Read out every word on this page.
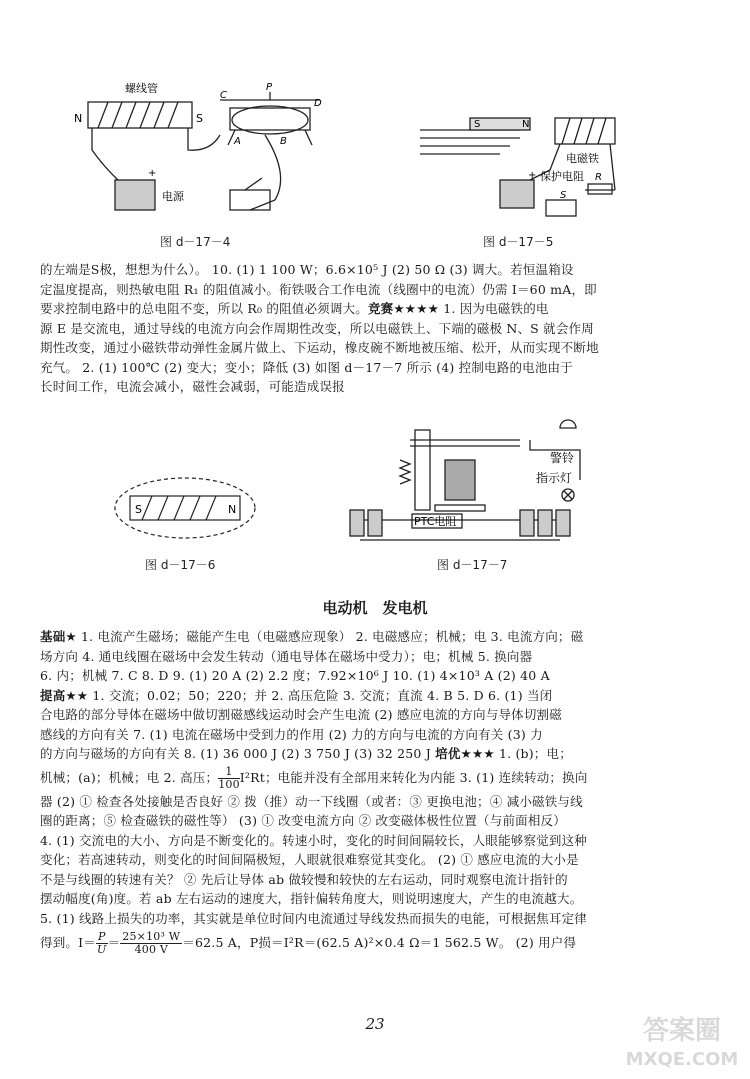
螺线管
N	S
C
P
D
A	B
电源
+
图 d－17－4
S	N
电磁铁
保护电阻
S
R
+
图 d－17－5
的左端是S极，想想为什么）。 10. (1) 1 100 W；6.6×10⁵ J (2) 50 Ω (3) 调大。若恒温箱设
定温度提高，则热敏电阻 R₁ 的阻值减小。衔铁吸合工作电流（线圈中的电流）仍需 I＝60 mA，即
要求控制电路中的总电阻不变，所以 R₀ 的阻值必须调大。竞赛★★★★ 1. 因为电磁铁的电
源 E 是交流电，通过导线的电流方向会作周期性改变，所以电磁铁上、下端的磁极 N、S 就会作周
期性改变，通过小磁铁带动弹性金属片做上、下运动，橡皮碗不断地被压缩、松开，从而实现不断地
充气。 2. (1) 100℃ (2) 变大；变小；降低 (3) 如图 d－17－7 所示 (4) 控制电路的电池由于
长时间工作，电流会减小，磁性会减弱，可能造成误报
S	N
图 d－17－6
警铃
指示灯
PTC电阻
图 d－17－7
电动机　发电机
基础★ 1. 电流产生磁场；磁能产生电（电磁感应现象） 2. 电磁感应；机械；电 3. 电流方向；磁
场方向 4. 通电线圈在磁场中会发生转动（通电导体在磁场中受力）；电；机械 5. 换向器
6. 内；机械 7. C 8. D 9. (1) 20 A (2) 2.2 度；7.92×10⁶ J 10. (1) 4×10³ A (2) 40 A
提高★★ 1. 交流；0.02；50；220；并 2. 高压危险 3. 交流；直流 4. B 5. D 6. (1) 当闭
合电路的部分导体在磁场中做切割磁感线运动时会产生电流 (2) 感应电流的方向与导体切割磁
感线的方向有关 7. (1) 电流在磁场中受到力的作用 (2) 力的方向与电流的方向有关 (3) 力
的方向与磁场的方向有关 8. (1) 36 000 J (2) 3 750 J (3) 32 250 J 培优★★★ 1. (b)；电；
机械；(a)；机械；电 2. 高压； $\frac{1}{100} I^2Rt$；电能并没有全部用来转化为内能 3. (1) 连续转动；换向
器 (2) ① 检查各处接触是否良好 ② 拨（推）动一下线圈（或者：③ 更换电池；④ 减小磁铁与线
圈的距离；⑤ 检查磁铁的磁性等） (3) ① 改变电流方向 ② 改变磁体极性位置（与前面相反）
4. (1) 交流电的大小、方向是不断变化的。转速小时，变化的时间间隔较长，人眼能够察觉到这种
变化；若高速转动，则变化的时间间隔极短，人眼就很难察觉其变化。 (2) ① 感应电流的大小是
不是与线圈的转速有关？ ② 先后让导体 ab 做较慢和较快的左右运动，同时观察电流计指针的
摆动幅度(角)度。若 ab 左右运动的速度大，指针偏转角度大，则说明速度大，产生的电流越大。
5. (1) 线路上损失的功率，其实就是单位时间内电流通过导线发热而损失的电能，可根据焦耳定律
得到。$I= \frac{P}{U} = \frac{\text{25×10³ W}}{400 V} =62.5$ A，P损＝I²R＝(62.5 A)²×0.4 Ω＝1 562.5 W。 (2) 用户得
23	答案圈
MXQE.COM
